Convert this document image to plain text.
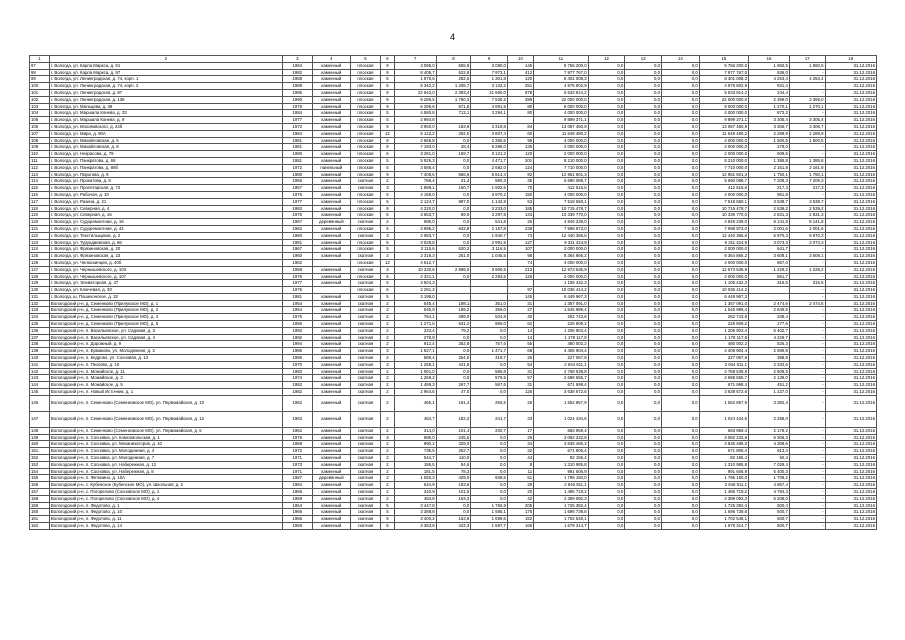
4
1	2	3	4	5	6	7	8	9	10	11	12	13	14	15	16	17	18
97	г. Вологда, ул. Карла Маркса, д. 91	1984	каменный	плоская	9	3 095,0	555,9	3 080,0	145	5 756 200,0	0,0	0,0	0,0	5 756 200,0	1 860,5	1 860,5	31.12.2016
98	г. Вологда, ул. Карла Маркса, д. 97	1982	каменный	плоская	9	8 405,7	522,8	7 973,1	412	7 977 767,0	0,0	0,0	0,0	7 977 767,0	936,0	-	31.12.2016
99	г. Вологда, ул. Ленинградская, д. 74, корп. 1	1988	каменный	плоская	5	1 976,6	282,6	1 301,8	120	8 401 008,3	0,0	0,0	0,0	8 401 008,3	4 253,4	4 253,4	31.12.2016
100	г. Вологда, ул. Ленинградская, д. 74, корп. 2	1989	каменный	плоская	5	5 342,2	1 208,7	3 132,2	251	4 975 802,9	0,0	0,0	0,0	4 975 802,9	931,4	-	31.12.2016
101	г. Вологда, ул. Ленинградская, д. 87	1986	каменный	плоская	9	22 642,0	2 393,4	21 660,0	878	5 533 814,2	0,0	0,0	0,0	5 533 814,2	244,4	-	31.12.2016
102	г. Вологда, ул. Ленинградская, д. 136	1990	каменный	плоская	9	9 286,5	1 750,3	7 536,2	399	22 000 000,0	0,0	0,0	0,0	22 000 000,0	2 369,0	2 369,0	31.12.2016
103	г. Вологда, ул. Мальцева, д. 39	1979	каменный	плоская	9	6 296,6	671,8	4 891,5	80	8 000 000,0	0,0	0,0	0,0	8 000 000,0	1 270,1	1 270,1	31.12.2016
104	г. Вологда, ул. Маршала Конева, д. 33	1984	каменный	плоская	5	4 580,8	713,1	3 294,1	80	4 000 000,0	0,0	0,0	0,0	4 000 000,0	873,2	-	31.12.2016
105	г. Вологда, ул. Маршала Конева, д. 9	1977	каменный	плоская	5	2 994,8				9 899 371,1	0,0	0,0	0,0	9 899 371,1	3 305,4	3 305,4	31.12.2016
106	г. Вологда, ул. Мохововского, д. 24б	1972	каменный	плоская	5	3 960,0	183,9	3 319,8	84	13 087 460,8	0,0	0,0	0,0	13 087 460,8	3 306,7	3 306,7	31.12.2016
107	г. Вологда, ул. Мира, д. 90А	1984	каменный	плоская	12	5 122,2	292,0	3 807,4	60	11 649 480,2	0,0	0,0	0,0	11 649 480,2	2 289,9	2 289,9	31.12.2016
108	г. Вологда, ул. Михайловская, д. 6	1981	каменный	плоская	9	2 666,8	0,0	2 355,6	99	4 000 000,0	0,0	0,0	0,0	4 000 000,0	1 500,5	1 500,5	31.12.2016
109	г. Вологда, ул. Михайловская, д. 8	1981	каменный	плоская	9	7 193,0	28,4	6 286,0	135	2 000 000,0	0,0	0,0	0,0	2 000 000,0	278,0	-	31.12.2016
110	г. Вологда, ул. Некрасова, д. 79	1980	каменный	плоская	5	3 281,0	159,7	3 121,3	120	2 000 000,0	0,0	0,0	0,0	2 000 000,0	609,6	-	31.12.2016
111	г. Вологда, ул. Панкратова, д. 68	1981	каменный	плоская	5	5 926,3	0,0	4 471,7	201	8 210 000,0	0,0	0,0	0,0	8 210 000,0	1 385,8	1 385,8	31.12.2016
112	г. Вологда, ул. Панкратова, д. 88б	1972	панельный	плоская	5	3 586,4	0,0	2 682,0	124	7 710 000,0	0,0	0,0	0,0	7 710 000,0	2 161,8	2 161,8	31.12.2016
113	г. Вологда, ул. Пирогова, д. 9	1980	каменный	плоская	9	7 405,6	656,5	5 614,4	92	12 951 601,3	0,0	0,0	0,0	12 951 601,3	1 750,1	1 750,1	31.12.2016
114	г. Вологда, ул. Прокатова, д. 8	1956	каменный	скатная	2	769,4	31,4	580,3	35	5 690 088,7	0,0	0,0	0,0	5 690 088,7	7 209,3	7 209,3	31.12.2016
115	г. Вологда, ул. Пролетарская, д. 73	1957	каменный	скатная	3	1 898,1	160,7	1 902,6	70	412 516,6	0,0	0,0	0,0	412 516,6	217,3	217,3	31.12.2016
116	г. Вологда, ул. Рабочая, д. 10	1976	каменный	плоская	5	4 159,0	0,0	3 970,2	150	4 000 000,0	0,0	0,0	0,0	4 000 000,0	961,8	-	31.12.2016
117	г. Вологда, ул. Разина, д. 21	1977	каменный	плоская	5	2 124,7	987,0	1 142,8	53	7 518 650,1	0,0	0,0	0,0	7 518 650,1	3 538,7	3 538,7	31.12.2016
118	г. Вологда, ул. Северная, д. 4	1983	каменный	плоская	9	4 220,0	0,0	3 233,0	185	10 715 478,7	0,0	0,0	0,0	10 715 478,7	2 539,2	2 539,2	31.12.2016
119	г. Вологда, ул. Северная, д. 16	1976	каменный	плоская	5	3 653,7	89,9	3 297,8	144	10 339 770,0	0,0	0,0	0,0	10 339 770,0	2 831,3	2 831,3	31.12.2016
120	г. Вологда, ул. Судоремонтная, д. 16	1967	деревянный	скатная	2	595,0	0,0	541,8	26	4 849 239,0	0,0	0,0	0,0	4 849 239,0	8 141,8	8 141,8	31.12.2016
121	г. Вологда, ул. Судоремонтная, д. 44	1962	каменный	плоская	5	3 995,2	642,8	2 157,8	238	7 998 973,0	0,0	0,0	0,0	7 998 973,0	2 001,6	2 001,6	31.12.2016
122	г. Вологда, ул. Текстильщиков, д. 2	1960	каменный	скатная	3	2 083,7	0,0	1 940,7	73	12 440 366,6	0,0	0,0	0,0	12 440 366,6	5 970,3	5 970,3	31.12.2016
123	г. Вологда, ул. Турундаевская, д. 66	1981	каменный	плоская	5	3 029,8	0,0	2 991,9	127	9 311 424,9	0,0	0,0	0,0	9 311 424,9	3 073,3	3 073,3	31.12.2016
124	г. Вологда, ул. Фрязиновская, д. 20	1967	каменный	плоская	5	3 115,6	620,2	3 116,5	107	2 000 000,0	0,0	0,0	0,0	2 000 000,0	641,7	-	31.12.2016
125	г. Вологда, ул. Фрязиновская, д. 23	1960	каменный	скатная	3	2 318,3	251,0	1 045,5	98	8 364 866,2	0,0	0,0	0,0	8 364 866,2	3 608,1	3 608,1	31.12.2016
126	г. Вологда, ул. Челюскинцев, д. 40б	1962		плоская	12	4 612,7			74	4 000 000,0	0,0	0,0	0,0	4 000 000,0	867,0	-	31.12.2016
127	г. Вологда, ул. Чернышевского, д. 103	1958	каменный	скатная	3	10 230,6	2 898,0	3 905,5	213	12 573 536,9	0,0	0,0	0,0	12 573 536,9	1 229,2	1 229,2	31.12.2016
128	г. Вологда, ул. Чернышевского, д. 107	1976	каменный	плоская	5	2 321,1	0,0	2 293,5	126	2 000 000,0	0,0	0,0	0,0	2 000 000,0	861,7	-	31.12.2016
129	г. Вологда, ул. Элеваторная, д. 47	1977	каменный	скатная	5	3 504,3				1 105 432,3	0,0	0,0	0,0	1 105 432,3	315,5	315,5	31.12.2016
130	г. Вологда, ул. Ключевая, д. 30	1976		плоская	5	2 281,3			97	10 036 414,2	0,0	0,0	0,0	10 036 414,2		-	31.12.2016
131	г. Вологда, ш. Пошехонское, д. 32	1981	каменный	скатная	5	3 198,0			145	6 449 967,3	0,0	0,0	0,0	6 449 967,3		-	31.12.2016
132	Вологодский р-н, д. Семенково (Прилукское МО), д. 1	1954	каменный	скатная	2	545,4	198,1	351,0	31	1 357 091,0	0,0	0,0	0,0	1 357 091,0	2 474,6	2 474,6	31.12.2016
133	Вологодский р-н, д. Семенково (Прилукское МО), д. 2	1954	каменный	скатная	2	545,9	189,2	359,0	27	1 545 989,4	0,0	0,0	0,0	1 545 989,4	2 849,5	-	31.12.2016
134	Вологодский р-н, д. Семенково (Прилукское МО), д. 4	1975	каменный	скатная	2	754,1	298,0	534,8	40	262 743,8	0,0	0,0	0,0	262 743,8	348,4	-	31.12.2016
135	Вологодский р-н, д. Семенково (Прилукское МО), д. 5	1956	каменный	скатная	2	1 271,6	631,2	986,0	62	225 809,2	0,0	0,0	0,0	225 809,2	177,6	-	31.12.2016
136	Вологодский р-н, п. Васильевское, ул. Садовая, д. 3	1992	каменный	скатная	2	223,4	79,2	0,0	14	1 206 903,4	0,0	0,0	0,0	1 206 903,4	5 402,7	-	31.12.2016
137	Вологодский р-н, п. Васильевское, ул. Садовая, д. 4	1992	каменный	скатная	2	278,8	0,0	0,0	14	1 178 117,8	0,0	0,0	0,0	1 178 117,8	4 229,7	-	31.12.2016
138	Вологодский р-н, п. Дорожный, д. 9	1994	каменный	скатная	2	912,4	352,8	757,6	55	480 002,2	0,0	0,0	0,0	480 002,2	526,3	-	31.12.2016
139	Вологодский р-н, п. Ермаково, ул. Молодежная, д. 3	1986	каменный	скатная	3	1 627,1	0,0	1 471,7	68	4 406 904,4	0,0	0,0	0,0	4 406 904,4	2 689,8	-	31.12.2016
140	Вологодский р-н, п. Кедрово, ул. Сосновая, д. 13	1995	каменный	скатная	2	569,4	254,0	319,7	26	227 067,8	0,0	0,0	0,0	227 067,8	398,8	-	31.12.2016
141	Вологодский р-н, п. Песково, д. 10	1970	каменный	скатная	3	1 258,1	441,9	0,0	54	2 934 611,1	0,0	0,0	0,0	2 934 611,1	2 332,6	-	31.12.2016
142	Вологодский р-н, п. Можайское, д. 11	1983	каменный	скатная	2	1 061,0	0,0	586,8	31	2 768 538,8	0,0	0,0	0,0	2 768 538,8	2 609,5	-	31.12.2016
143	Вологодский р-н, п. Можайское, д. 2	1974	каменный	скатная	2	1 259,2	0,0	579,5	57	2 688 555,7	0,0	0,0	0,0	2 688 555,7	2 139,0	-	31.12.2016
144	Вологодский р-н, п. Можайское, д. 5	1982	каменный	скатная	2	1 489,3	267,7	587,6	31	671 998,4	0,0	0,0	0,0	671 998,4	451,2	-	31.12.2016
145	Вологодский р-н, п. Новый Источник, д. 1	1982	каменный	скатная	2	2 964,6	47,0	0,0	125	3 638 672,6	0,0	0,0	0,0	3 638 672,6	1 227,0	-	31.12.2016
146	Вологодский р-н, п. Семенково (Семенковское МО), ул. Первомайская, д. 10	1962	каменный	скатная	2	465,1	181,4	256,5	26	1 552 857,9	0,0	0,0	0,0	1 552 857,9	3 382,4	-	31.12.2016
147	Вологодский р-н, п. Семенково (Семенковское МО), ул. Первомайская, д. 12	1963	каменный	скатная	2	463,7	182,2	241,7	33	1 024 434,6	0,0	0,0	0,0	1 024 434,6	2 258,0	-	31.12.2016
148	Вологодский р-н, п. Семенково (Семенковское МО), ул. Первомайская, д. 6	1962	каменный	скатная	2	314,0	101,4	230,7	17	683 959,4	0,0	0,0	0,0	683 959,4	2 178,2	-	31.12.2016
149	Вологодский р-н, п. Сосновка, ул. Комсомольская, д. 1	1976	каменный	скатная	3	586,0	245,5	0,0	29	3 082 232,8	0,0	0,0	0,0	3 082 232,8	5 306,3	-	31.12.2016
150	Вологодский р-н, п. Сосновка, ул. Механизаторов, д. 10	1968	каменный	скатная	2	890,2	329,0	0,0	34	3 835 485,3	0,0	0,0	0,0	3 835 485,3	4 308,6	-	31.12.2016
151	Вологодский р-н, п. Сосновка, ул. Молодежная, д. 4	1972	каменный	скатная	2	735,5	252,7	0,0	32	671 806,4	0,0	0,0	0,0	671 806,4	913,4	-	31.12.2016
152	Вологодский р-н, п. Сосновка, ул. Молодежная, д. 7	1971	каменный	скатная	2	544,7	110,0	0,0	44	82 155,4	0,0	0,0	0,0	82 155,4	60,4	-	31.12.2016
153	Вологодский р-н, п. Сосновка, ул. Набережная, д. 12	1973	каменный	скатная	2	186,5	84,6	0,0	8	1 310 985,8	0,0	0,0	0,0	1 310 985,8	7 029,4	-	31.12.2016
154	Вологодский р-н, п. Сосновка, ул. Набережная, д. 8	1971	каменный	скатная	2	181,5	78,3	0,0	11	991 606,9	0,0	0,0	0,0	991 606,9	5 400,3	-	31.12.2016
155	Вологодский р-н, п. Фетинино, д. 10А	1987	деревянный	скатная	2	1 050,3	429,0	938,6	51	1 795 150,0	0,0	0,0	0,0	1 795 150,0	1 709,2	-	31.12.2016
156	Вологодский р-н, с. Кубенское (Кубенское МО), ул. Школьная, д. 2	1984	каменный	скатная	2	544,9	183,6	0,0	29	2 846 811,1	0,0	0,0	0,0	2 846 811,1	4 857,4	-	31.12.2016
157	Вологодский р-н, с. Погорелово (Сосновское МО), д. 1	1966	каменный	скатная	2	310,9	101,5	0,0	20	1 485 719,2	0,0	0,0	0,0	1 485 719,2	4 784,3	-	31.12.2016
158	Вологодский р-н, с. Погорелово (Сосновское МО), д. 4	1959	каменный	скатная	2	453,8	163,3	0,0	42	2 389 092,3	0,0	0,0	0,0	2 389 092,3	5 208,0	-	31.12.2016
159	Вологодский р-н, п. Федотово, д. 1	1964	каменный	скатная	5	3 447,8	0,0	1 756,9	205	1 725 382,4	0,0	0,0	0,0	1 725 382,4	500,4	-	31.12.2016
160	Вологодский р-н, п. Федотово, д. 10	1966	каменный	скатная	5	3 388,8	0,0	1 685,1	175	1 696 739,8	0,0	0,0	0,0	1 696 739,8	500,7	-	31.12.2016
161	Вологодский р-н, п. Федотово, д. 11	1966	каменный	скатная	5	3 400,2	163,8	1 699,6	152	1 702 548,1	0,0	0,0	0,0	1 702 548,1	500,7	-	31.12.2016
162	Вологодский р-н, п. Федотово, д. 14	1969	каменный	скатная	5	3 353,8	343,3	1 597,7	166	1 679 314,7	0,0	0,0	0,0	1 679 314,7	500,7	-	31.12.2016
